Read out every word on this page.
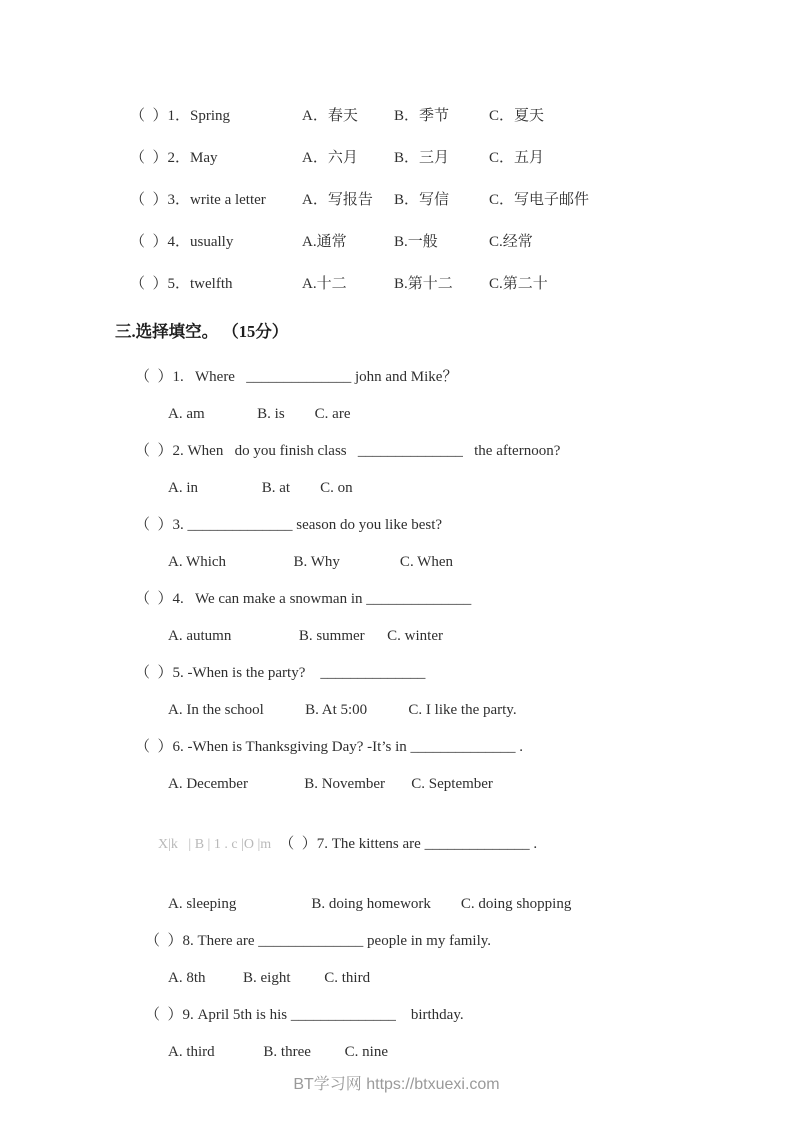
（  ）1．Spring	A．春天	B．季节	C．夏天
（  ）2．May	A．六月	B．三月	C．五月
（  ）3．write a letter	A．写报告	B．写信	C．写电子邮件
（  ）4．usually	A.通常	B.一般	C.经常
（  ）5．twelfth	A.十二	B.第十二	C.第二十
三.选择填空。 （15分）
（  ）1.   Where   ______________ john and Mike？
A. am              B. is        C. are
（  ）2. When   do you finish class   ______________   the afternoon?
A. in                 B. at        C. on
（  ）3. ______________ season do you like best?
A. Which                  B. Why                C. When
（  ）4.   We can make a snowman in ______________
A. autumn                  B. summer      C. winter
（  ）5. -When is the party?    ______________
A. In the school           B. At 5:00           C. I like the party.
（  ）6. -When is Thanksgiving Day? -It’s in ______________ .
A. December               B. November       C. September

X|k   | B | 1 . c |O |m （  ）7. The kittens are ______________ .

A. sleeping                    B. doing homework        C. doing shopping
（  ）8. There are ______________ people in my family.
A. 8th          B. eight         C. third
（  ）9. April 5th is his ______________    birthday.
A. third             B. three         C. nine
BT学习网 https://btxuexi.com
